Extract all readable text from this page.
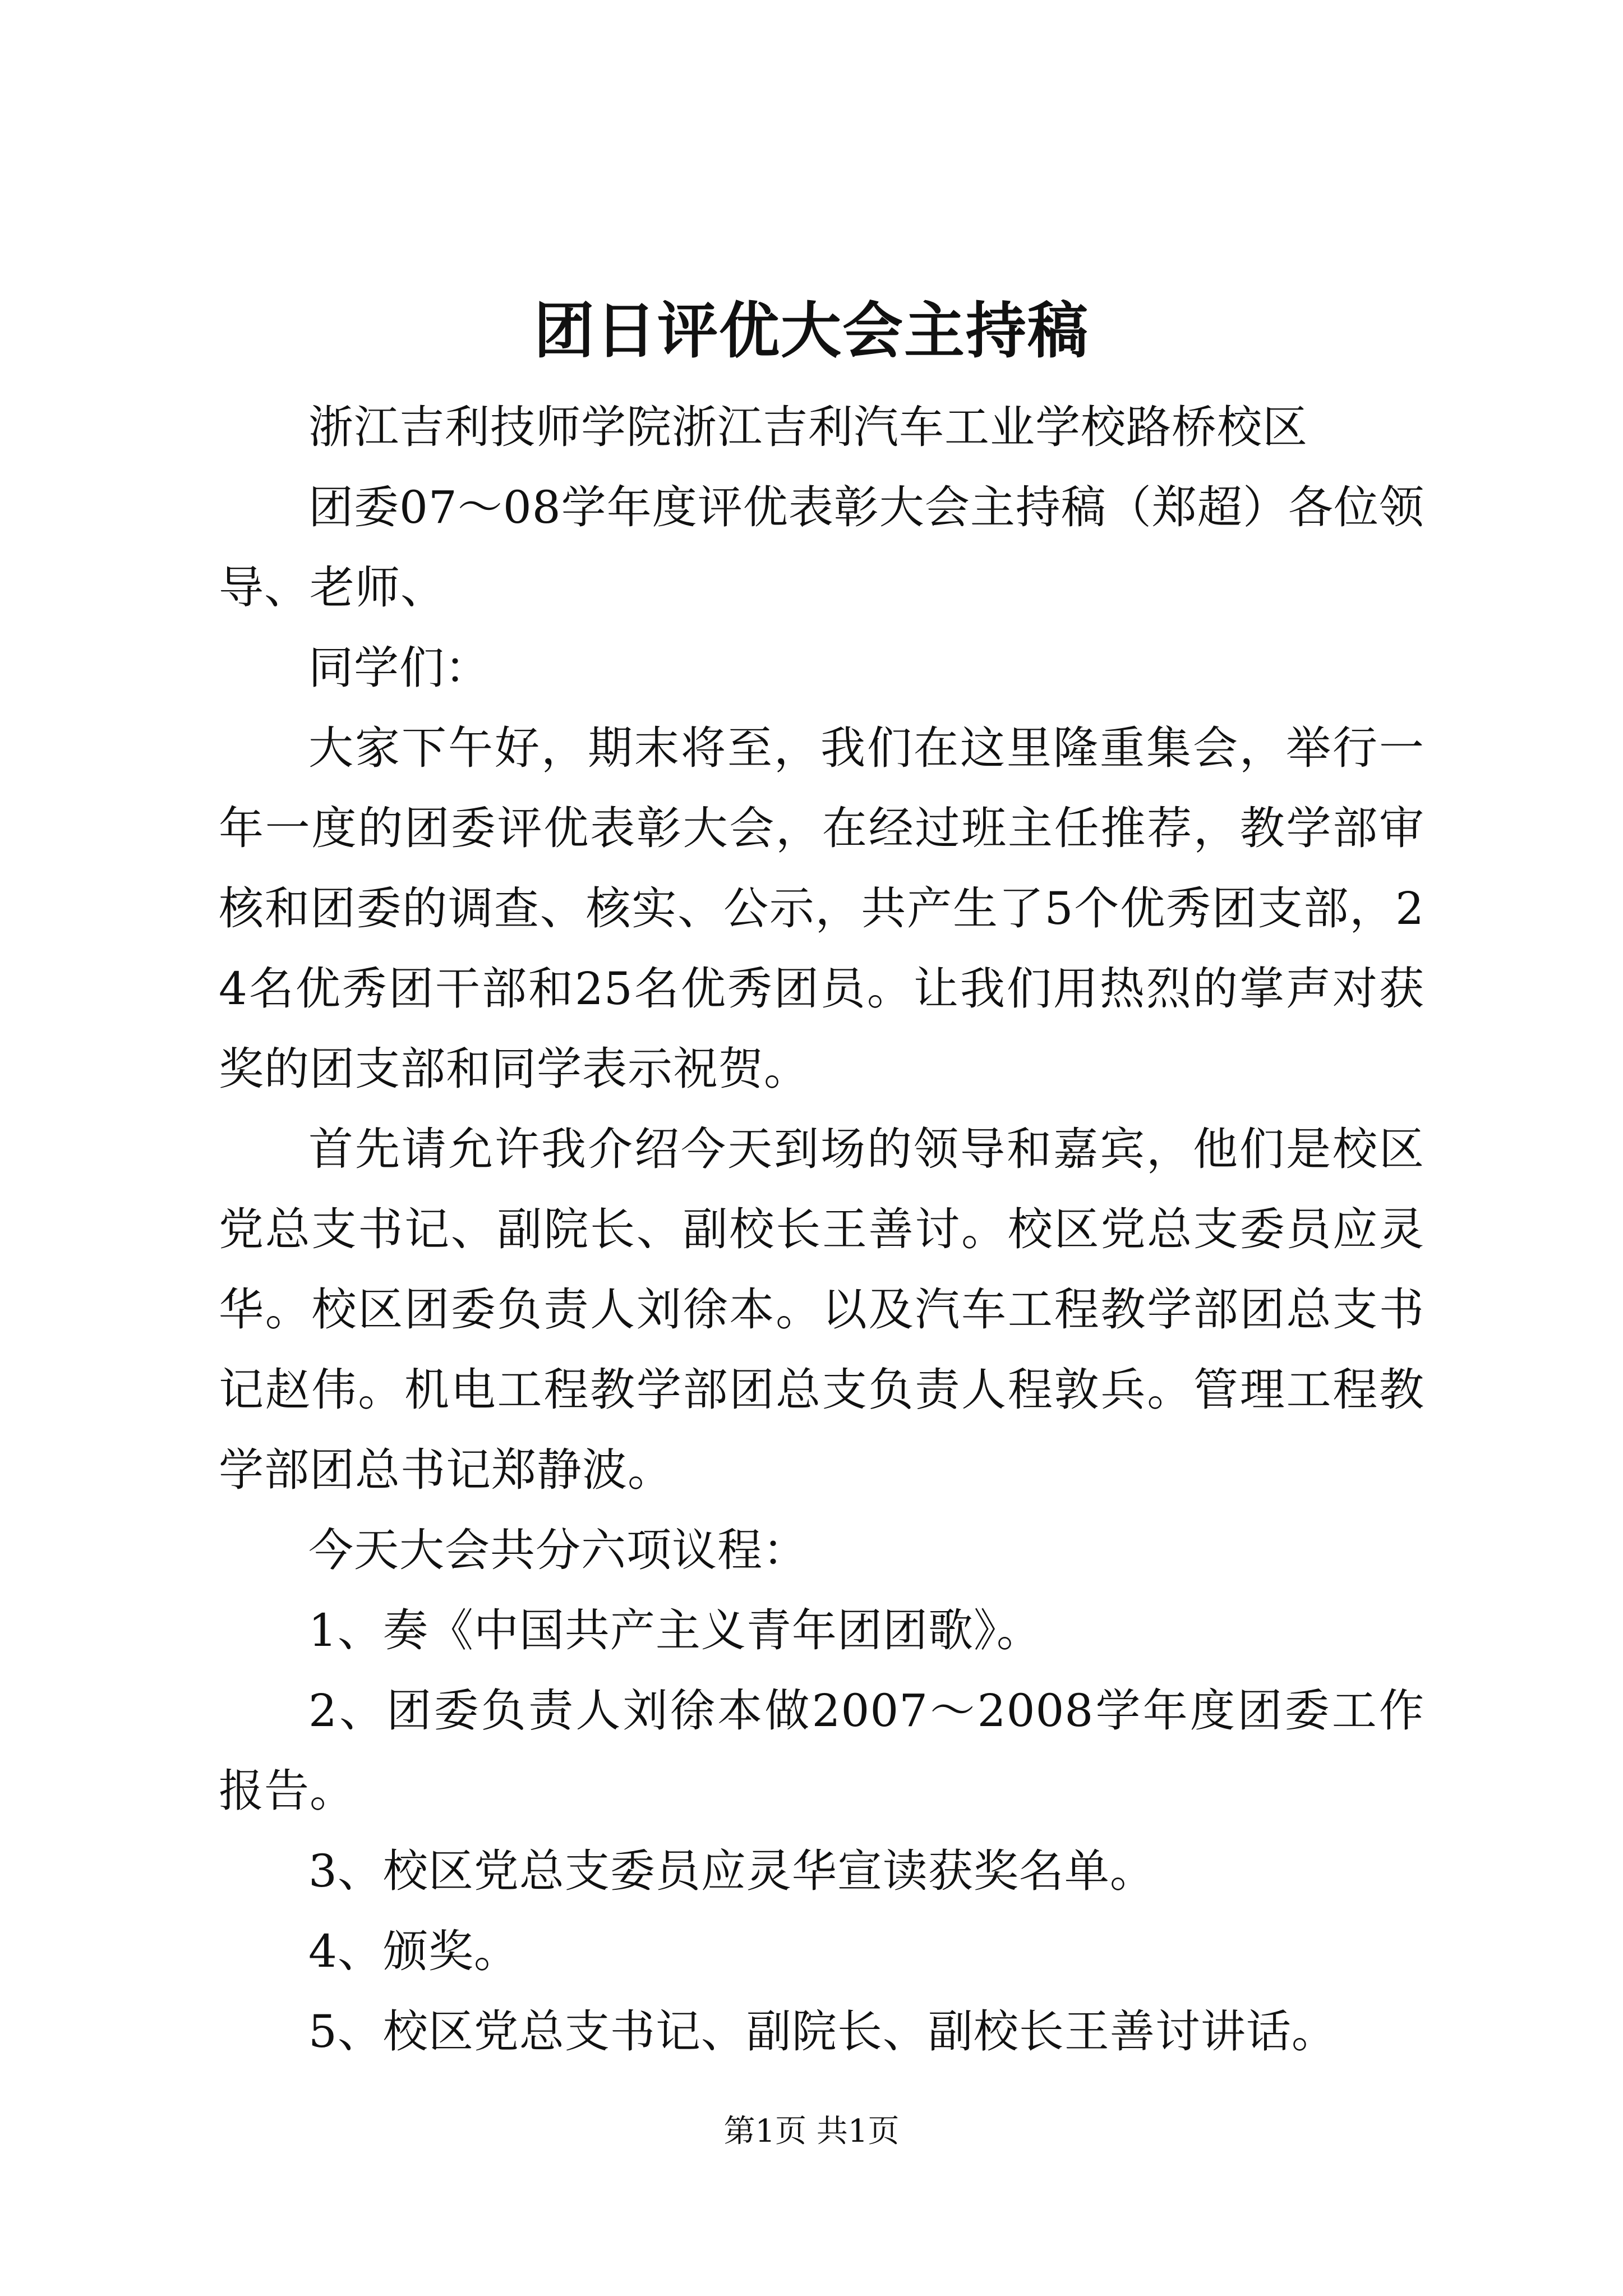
团日评优大会主持稿

浙江吉利技师学院浙江吉利汽车工业学校路桥校区

团委07～08学年度评优表彰大会主持稿（郑超）各位领导、老师、

同学们：

大家下午好，期末将至，我们在这里隆重集会，举行一年一度的团委评优表彰大会，在经过班主任推荐，教学部审核和团委的调查、核实、公示，共产生了5个优秀团支部，24名优秀团干部和25名优秀团员。让我们用热烈的掌声对获奖的团支部和同学表示祝贺。

首先请允许我介绍今天到场的领导和嘉宾，他们是校区党总支书记、副院长、副校长王善讨。校区党总支委员应灵华。校区团委负责人刘徐本。以及汽车工程教学部团总支书记赵伟。机电工程教学部团总支负责人程敦兵。管理工程教学部团总书记郑静波。

今天大会共分六项议程：

1、奏《中国共产主义青年团团歌》。

2、团委负责人刘徐本做2007～2008学年度团委工作报告。

3、校区党总支委员应灵华宣读获奖名单。

4、颁奖。

5、校区党总支书记、副院长、副校长王善讨讲话。

第1页 共1页
